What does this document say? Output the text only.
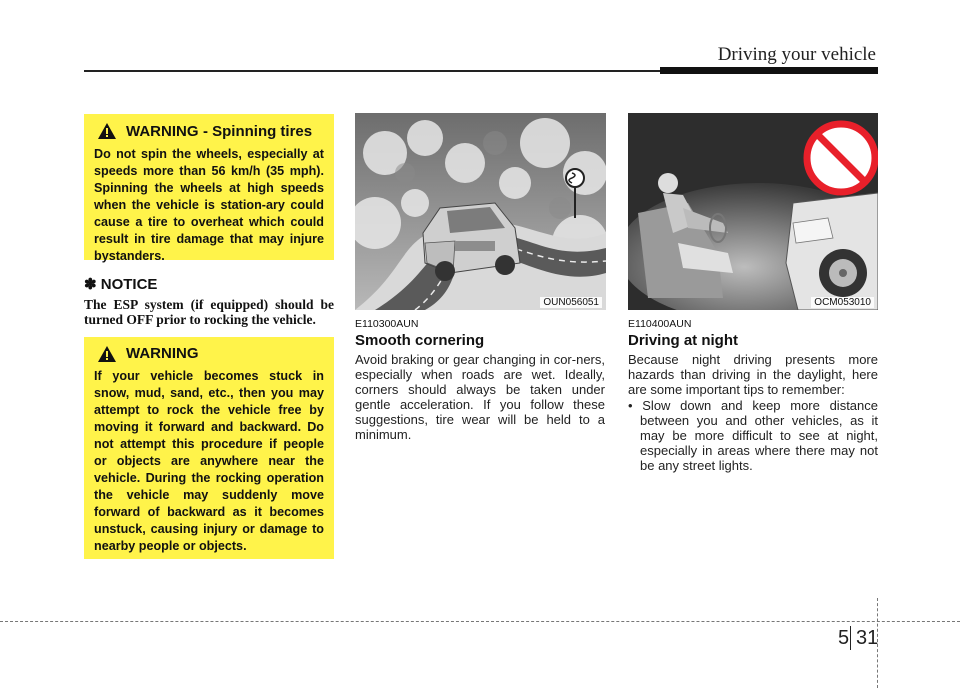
Driving your vehicle
WARNING
- Spinning tires
Do not spin the wheels, especially at speeds more than 56 km/h (35 mph). Spinning the wheels at high speeds when the vehicle is station-ary could cause a tire to overheat which could result in tire damage that may injure bystanders.
✽ NOTICE
The ESP system (if equipped) should be turned OFF prior to rocking the vehicle.
WARNING
If your vehicle becomes stuck in snow, mud, sand, etc., then you may attempt to rock the vehicle free by moving it forward and backward. Do not attempt this procedure if people or objects are anywhere near the vehicle. During the rocking operation the vehicle may suddenly move forward of backward as it becomes unstuck, causing injury or damage to nearby people or objects.
OUN056051
E110300AUN
Smooth cornering
Avoid braking or gear changing in cor-ners, especially when roads are wet. Ideally, corners should always be taken under gentle acceleration. If you follow these suggestions, tire wear will be held to a minimum.
OCM053010
E110400AUN
Driving at night
Because night driving presents more hazards than driving in the daylight, here are some important tips to remember:
• Slow down and keep more distance between you and other vehicles, as it may be more difficult to see at night, especially in areas where there may not be any street lights.
5 31
